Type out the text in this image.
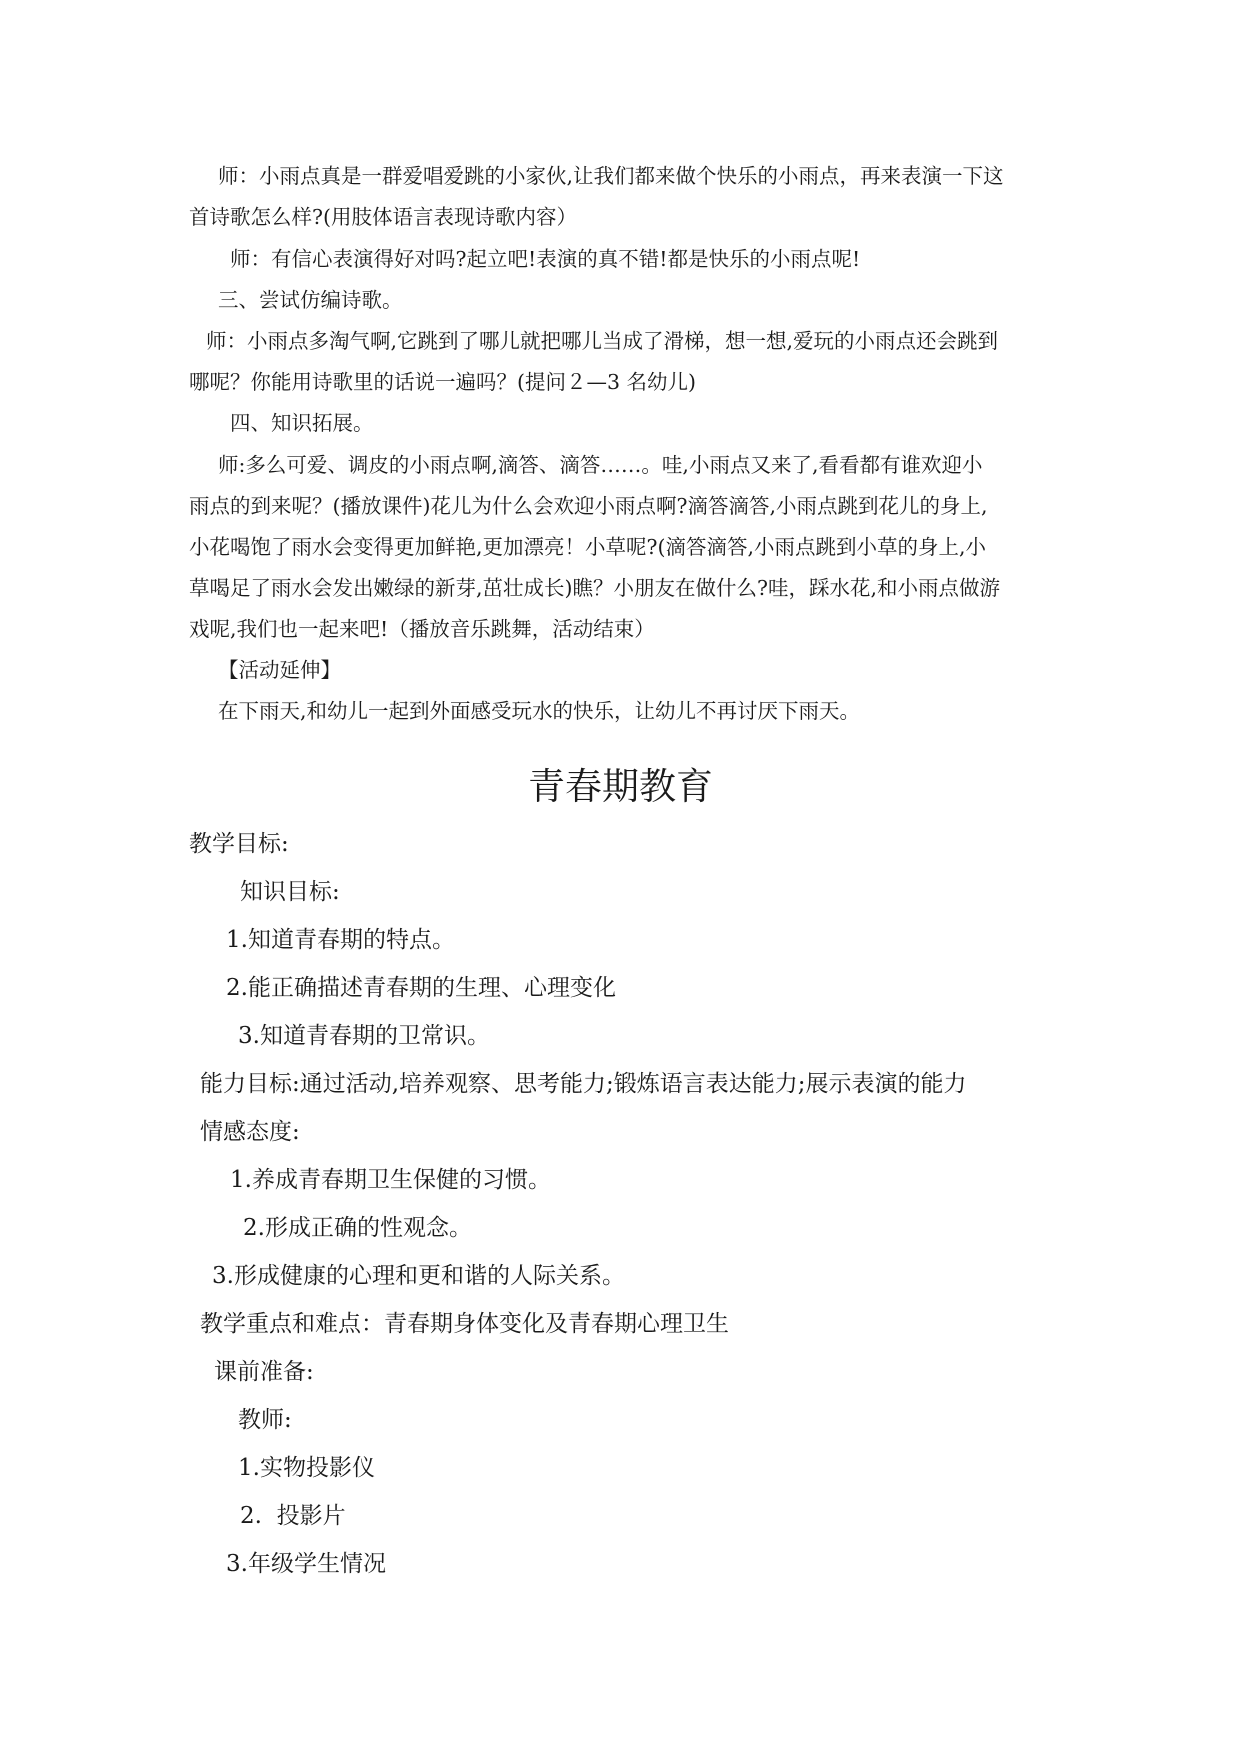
师：小雨点真是一群爱唱爱跳的小家伙,让我们都来做个快乐的小雨点，再来表演一下这
首诗歌怎么样?(用肢体语言表现诗歌内容）
师：有信心表演得好对吗?起立吧!表演的真不错!都是快乐的小雨点呢!
三、尝试仿编诗歌。
师：小雨点多淘气啊,它跳到了哪儿就把哪儿当成了滑梯，想一想,爱玩的小雨点还会跳到
哪呢？你能用诗歌里的话说一遍吗？(提问２—3 名幼儿)
四、知识拓展。
师:多么可爱、调皮的小雨点啊,滴答、滴答……。哇,小雨点又来了,看看都有谁欢迎小
雨点的到来呢？(播放课件)花儿为什么会欢迎小雨点啊?滴答滴答,小雨点跳到花儿的身上,
小花喝饱了雨水会变得更加鲜艳,更加漂亮！小草呢?(滴答滴答,小雨点跳到小草的身上,小
草喝足了雨水会发出嫩绿的新芽,茁壮成长)瞧？小朋友在做什么?哇，踩水花,和小雨点做游
戏呢,我们也一起来吧!（播放音乐跳舞，活动结束）
【活动延伸】
在下雨天,和幼儿一起到外面感受玩水的快乐，让幼儿不再讨厌下雨天。
青春期教育
教学目标:
知识目标:
1.知道青春期的特点。
2.能正确描述青春期的生理、心理变化
3.知道青春期的卫常识。
能力目标:通过活动,培养观察、思考能力;锻炼语言表达能力;展示表演的能力
情感态度:
1.养成青春期卫生保健的习惯。
2.形成正确的性观念。
3.形成健康的心理和更和谐的人际关系。
教学重点和难点：青春期身体变化及青春期心理卫生
课前准备:
教师:
1.实物投影仪
2.  投影片
3.年级学生情况
